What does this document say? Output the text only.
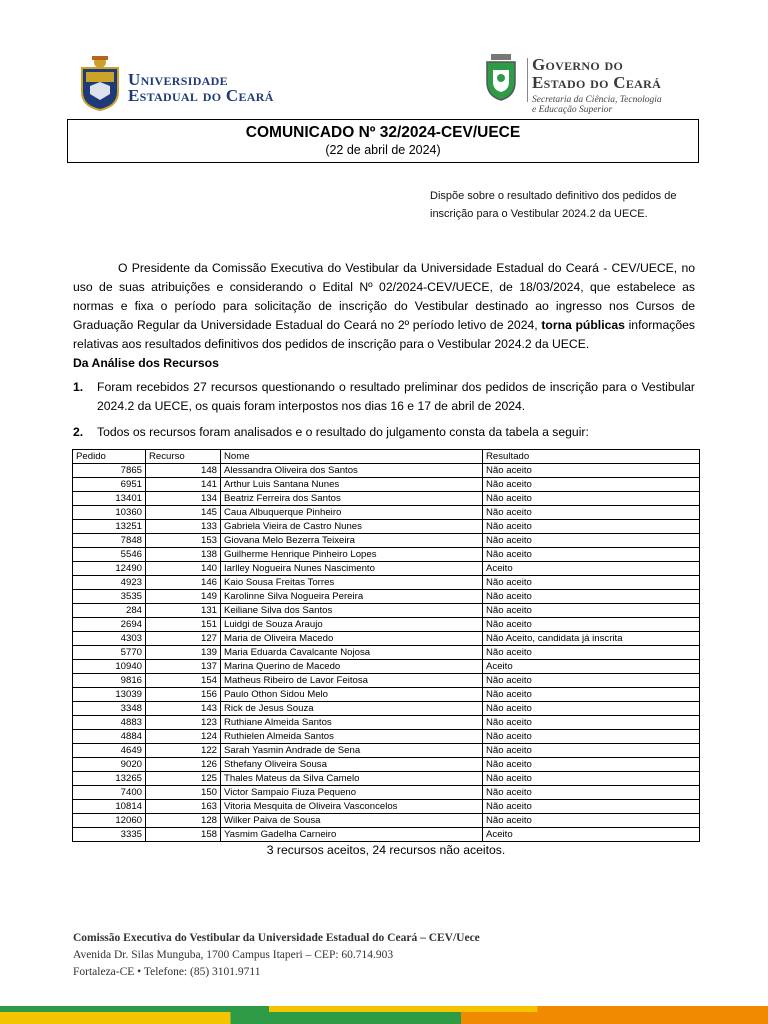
Universidade
Estadual do Ceará
Governo do
Estado do Ceará
Secretaria da Ciência, Tecnologia
e Educação Superior
COMUNICADO Nº 32/2024-CEV/UECE
(22 de abril de 2024)
Dispõe sobre o resultado definitivo dos pedidos de inscrição para o Vestibular 2024.2 da UECE.

O Presidente da Comissão Executiva do Vestibular da Universidade Estadual do Ceará - CEV/UECE, no uso de suas atribuições e considerando o Edital Nº 02/2024-CEV/UECE, de 18/03/2024, que estabelece as normas e fixa o período para solicitação de inscrição do Vestibular destinado ao ingresso nos Cursos de Graduação Regular da Universidade Estadual do Ceará no 2º período letivo de 2024, torna públicas informações relativas aos resultados definitivos dos pedidos de inscrição para o Vestibular 2024.2 da UECE.

Da Análise dos Recursos
1. Foram recebidos 27 recursos questionando o resultado preliminar dos pedidos de inscrição para o Vestibular 2024.2 da UECE, os quais foram interpostos nos dias 16 e 17 de abril de 2024.
2. Todos os recursos foram analisados e o resultado do julgamento consta da tabela a seguir:
Pedido	Recurso	Nome	Resultado
7865	148	Alessandra Oliveira dos Santos	Não aceito
6951	141	Arthur Luis Santana Nunes	Não aceito
13401	134	Beatriz Ferreira dos Santos	Não aceito
10360	145	Caua Albuquerque Pinheiro	Não aceito
13251	133	Gabriela Vieira de Castro Nunes	Não aceito
7848	153	Giovana Melo Bezerra Teixeira	Não aceito
5546	138	Guilherme Henrique Pinheiro Lopes	Não aceito
12490	140	Iarlley Nogueira Nunes Nascimento	Aceito
4923	146	Kaio Sousa Freitas Torres	Não aceito
3535	149	Karolinne Silva Nogueira Pereira	Não aceito
284	131	Keiliane Silva dos Santos	Não aceito
2694	151	Luidgi de Souza Araujo	Não aceito
4303	127	Maria de Oliveira Macedo	Não Aceito, candidata já inscrita
5770	139	Maria Eduarda Cavalcante Nojosa	Não aceito
10940	137	Marina Querino de Macedo	Aceito
9816	154	Matheus Ribeiro de Lavor Feitosa	Não aceito
13039	156	Paulo Othon Sidou Melo	Não aceito
3348	143	Rick de Jesus Souza	Não aceito
4883	123	Ruthiane Almeida Santos	Não aceito
4884	124	Ruthielen Almeida Santos	Não aceito
4649	122	Sarah Yasmin Andrade de Sena	Não aceito
9020	126	Sthefany Oliveira Sousa	Não aceito
13265	125	Thales Mateus da Silva Camelo	Não aceito
7400	150	Victor Sampaio Fiuza Pequeno	Não aceito
10814	163	Vitoria Mesquita de Oliveira Vasconcelos	Não aceito
12060	128	Wilker Paiva de Sousa	Não aceito
3335	158	Yasmim Gadelha Carneiro	Aceito
3 recursos aceitos, 24 recursos não aceitos.
Comissão Executiva do Vestibular da Universidade Estadual do Ceará – CEV/Uece
Avenida Dr. Silas Munguba, 1700 Campus Itaperi – CEP: 60.714.903
Fortaleza-CE • Telefone: (85) 3101.9711
